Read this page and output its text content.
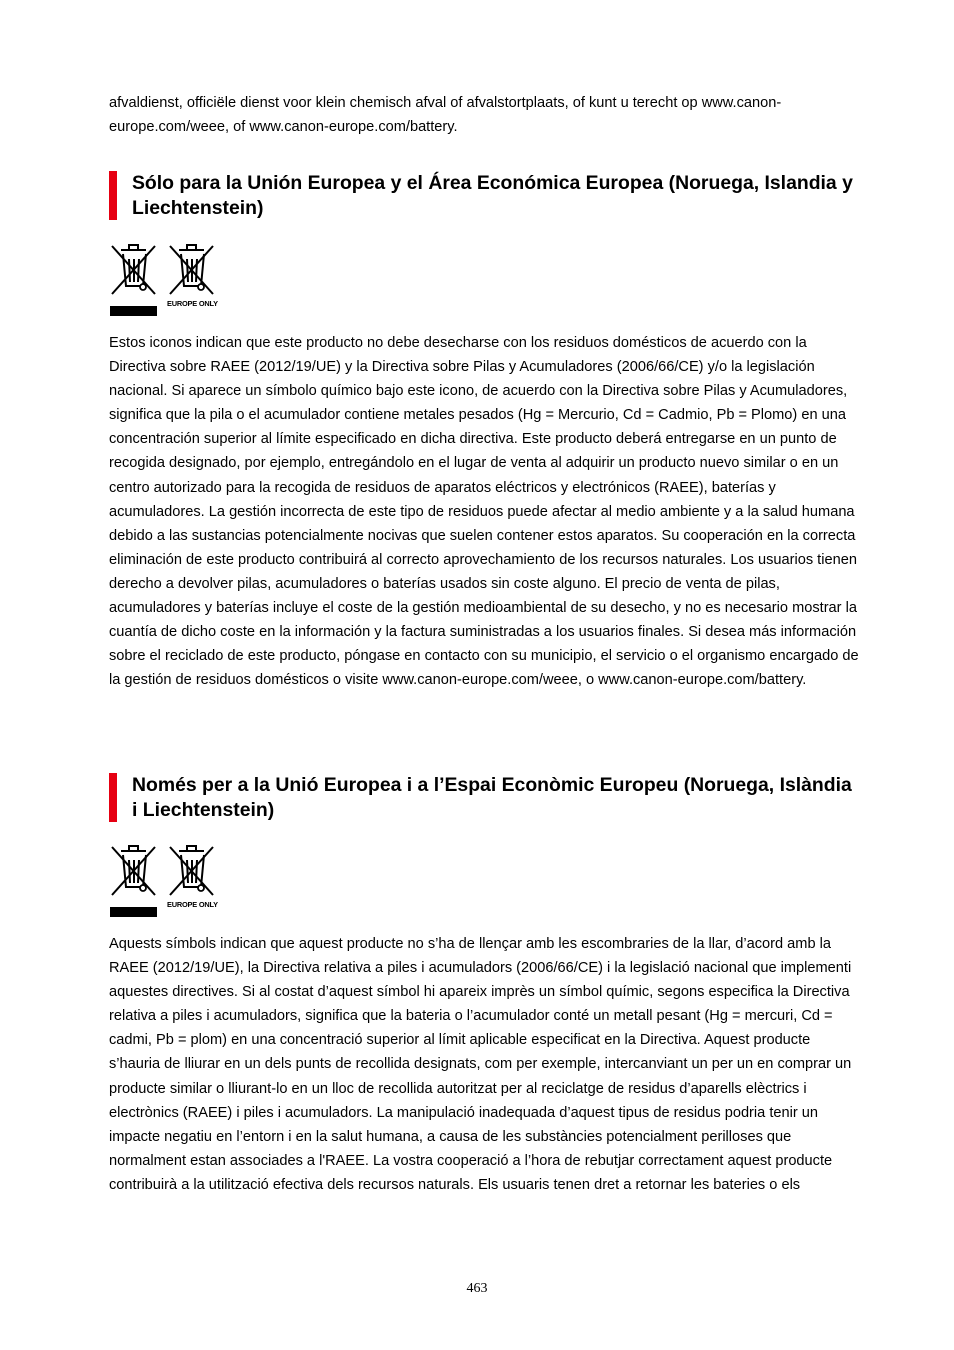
afvaldienst, officiële dienst voor klein chemisch afval of afvalstortplaats, of kunt u terecht op www.canon-europe.com/weee, of www.canon-europe.com/battery.

Sólo para la Unión Europea y el Área Económica Europea (Noruega, Islandia y Liechtenstein)
EUROPE ONLY

Estos iconos indican que este producto no debe desecharse con los residuos domésticos de acuerdo con la Directiva sobre RAEE (2012/19/UE) y la Directiva sobre Pilas y Acumuladores (2006/66/CE) y/o la legislación nacional. Si aparece un símbolo químico bajo este icono, de acuerdo con la Directiva sobre Pilas y Acumuladores, significa que la pila o el acumulador contiene metales pesados (Hg = Mercurio, Cd = Cadmio, Pb = Plomo) en una concentración superior al límite especificado en dicha directiva. Este producto deberá entregarse en un punto de recogida designado, por ejemplo, entregándolo en el lugar de venta al adquirir un producto nuevo similar o en un centro autorizado para la recogida de residuos de aparatos eléctricos y electrónicos (RAEE), baterías y acumuladores. La gestión incorrecta de este tipo de residuos puede afectar al medio ambiente y a la salud humana debido a las sustancias potencialmente nocivas que suelen contener estos aparatos. Su cooperación en la correcta eliminación de este producto contribuirá al correcto aprovechamiento de los recursos naturales. Los usuarios tienen derecho a devolver pilas, acumuladores o baterías usados sin coste alguno. El precio de venta de pilas, acumuladores y baterías incluye el coste de la gestión medioambiental de su desecho, y no es necesario mostrar la cuantía de dicho coste en la información y la factura suministradas a los usuarios finales. Si desea más información sobre el reciclado de este producto, póngase en contacto con su municipio, el servicio o el organismo encargado de la gestión de residuos domésticos o visite www.canon-europe.com/weee, o www.canon-europe.com/battery.

Només per a la Unió Europea i a l’Espai Econòmic Europeu (Noruega, Islàndia i Liechtenstein)
EUROPE ONLY

Aquests símbols indican que aquest producte no s’ha de llençar amb les escombraries de la llar, d’acord amb la RAEE (2012/19/UE), la Directiva relativa a piles i acumuladors (2006/66/CE) i la legislació nacional que implementi aquestes directives. Si al costat d’aquest símbol hi apareix imprès un símbol químic, segons especifica la Directiva relativa a piles i acumuladors, significa que la bateria o l’acumulador conté un metall pesant (Hg = mercuri, Cd = cadmi, Pb = plom) en una concentració superior al límit aplicable especificat en la Directiva. Aquest producte s’hauria de lliurar en un dels punts de recollida designats, com per exemple, intercanviant un per un en comprar un producte similar o lliurant-lo en un lloc de recollida autoritzat per al reciclatge de residus d’aparells elèctrics i electrònics (RAEE) i piles i acumuladors. La manipulació inadequada d’aquest tipus de residus podria tenir un impacte negatiu en l’entorn i en la salut humana, a causa de les substàncies potencialment perilloses que normalment estan associades a l'RAEE. La vostra cooperació a l’hora de rebutjar correctament aquest producte contribuirà a la utilització efectiva dels recursos naturals. Els usuaris tenen dret a retornar les bateries o els

463
